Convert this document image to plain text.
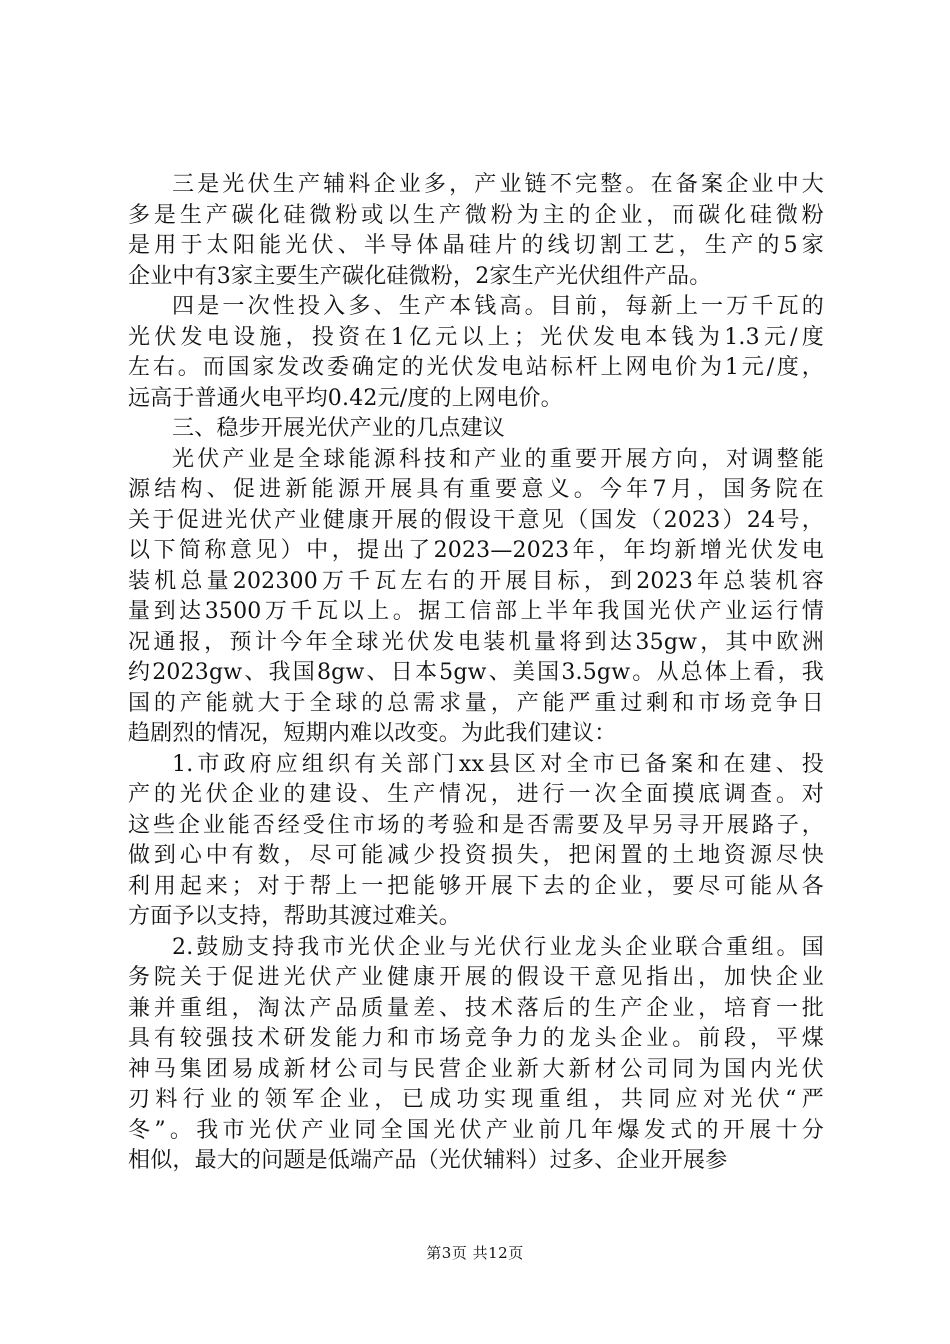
三是光伏生产辅料企业多，产业链不完整。在备案企业中大
多是生产碳化硅微粉或以生产微粉为主的企业，而碳化硅微粉
是用于太阳能光伏、半导体晶硅片的线切割工艺，生产的5家
企业中有3家主要生产碳化硅微粉，2家生产光伏组件产品。
四是一次性投入多、生产本钱高。目前，每新上一万千瓦的
光伏发电设施，投资在1亿元以上；光伏发电本钱为1.3元/度
左右。而国家发改委确定的光伏发电站标杆上网电价为1元/度，
远高于普通火电平均0.42元/度的上网电价。
三、稳步开展光伏产业的几点建议
光伏产业是全球能源科技和产业的重要开展方向，对调整能
源结构、促进新能源开展具有重要意义。今年7月，国务院在
关于促进光伏产业健康开展的假设干意见（国发（2023）24号，
以下简称意见）中，提出了2023—2023年，年均新增光伏发电
装机总量202300万千瓦左右的开展目标，到2023年总装机容
量到达3500万千瓦以上。据工信部上半年我国光伏产业运行情
况通报，预计今年全球光伏发电装机量将到达35gw，其中欧洲
约2023gw、我国8gw、日本5gw、美国3.5gw。从总体上看，我
国的产能就大于全球的总需求量，产能严重过剩和市场竞争日
趋剧烈的情况，短期内难以改变。为此我们建议：
1.市政府应组织有关部门xx县区对全市已备案和在建、投
产的光伏企业的建设、生产情况，进行一次全面摸底调查。对
这些企业能否经受住市场的考验和是否需要及早另寻开展路子，
做到心中有数，尽可能减少投资损失，把闲置的土地资源尽快
利用起来；对于帮上一把能够开展下去的企业，要尽可能从各
方面予以支持，帮助其渡过难关。
2.鼓励支持我市光伏企业与光伏行业龙头企业联合重组。国
务院关于促进光伏产业健康开展的假设干意见指出，加快企业
兼并重组，淘汰产品质量差、技术落后的生产企业，培育一批
具有较强技术研发能力和市场竞争力的龙头企业。前段，平煤
神马集团易成新材公司与民营企业新大新材公司同为国内光伏
刃料行业的领军企业，已成功实现重组，共同应对光伏“严
冬”。我市光伏产业同全国光伏产业前几年爆发式的开展十分
相似，最大的问题是低端产品（光伏辅料）过多、企业开展参
第3页 共12页
